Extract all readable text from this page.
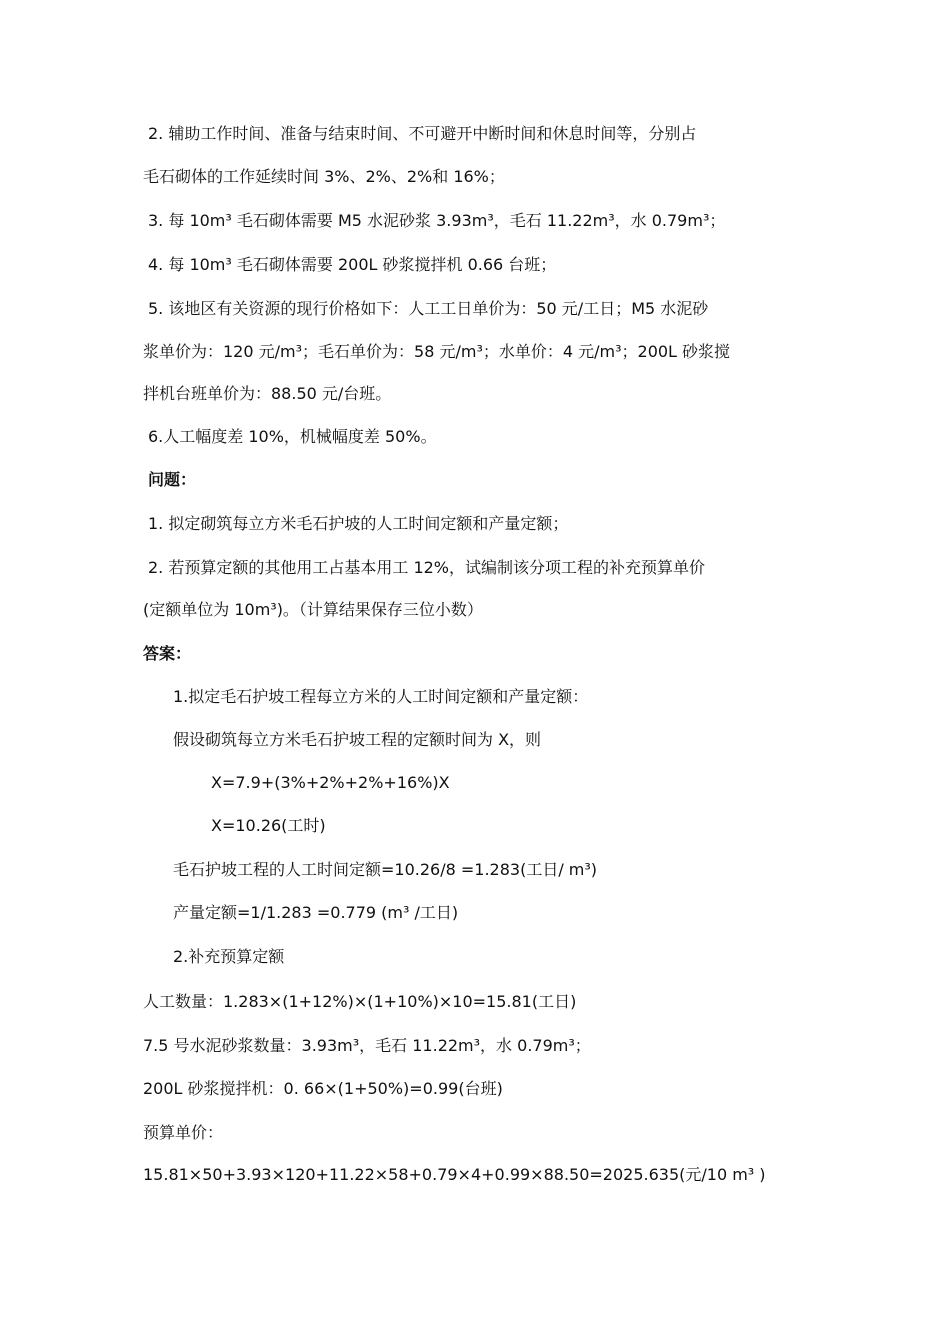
2. 辅助工作时间、准备与结束时间、不可避开中断时间和休息时间等，分别占
毛石砌体的工作延续时间 3%、2%、2%和 16%；
3. 每 10m³ 毛石砌体需要 M5 水泥砂浆 3.93m³，毛石 11.22m³，水 0.79m³；
4. 每 10m³ 毛石砌体需要 200L 砂浆搅拌机 0.66 台班；
5. 该地区有关资源的现行价格如下：人工工日单价为：50 元/工日；M5 水泥砂
浆单价为：120 元/m³；毛石单价为：58 元/m³；水单价：4 元/m³；200L 砂浆搅
拌机台班单价为：88.50 元/台班。
6.人工幅度差 10%，机械幅度差 50%。
问题：
1. 拟定砌筑每立方米毛石护坡的人工时间定额和产量定额；
2. 若预算定额的其他用工占基本用工 12%，试编制该分项工程的补充预算单价
(定额单位为 10m³)。（计算结果保存三位小数）
答案：
1.拟定毛石护坡工程每立方米的人工时间定额和产量定额：
假设砌筑每立方米毛石护坡工程的定额时间为 X，则
X=7.9+(3%+2%+2%+16%)X
X=10.26(工时)
毛石护坡工程的人工时间定额=10.26/8 =1.283(工日/ m³)
产量定额=1/1.283 =0.779 (m³ /工日)
2.补充预算定额
人工数量：1.283×(1+12%)×(1+10%)×10=15.81(工日)
7.5 号水泥砂浆数量：3.93m³，毛石 11.22m³，水 0.79m³；
200L 砂浆搅拌机：0. 66×(1+50%)=0.99(台班)
预算单价：
15.81×50+3.93×120+11.22×58+0.79×4+0.99×88.50=2025.635(元/10 m³ )
